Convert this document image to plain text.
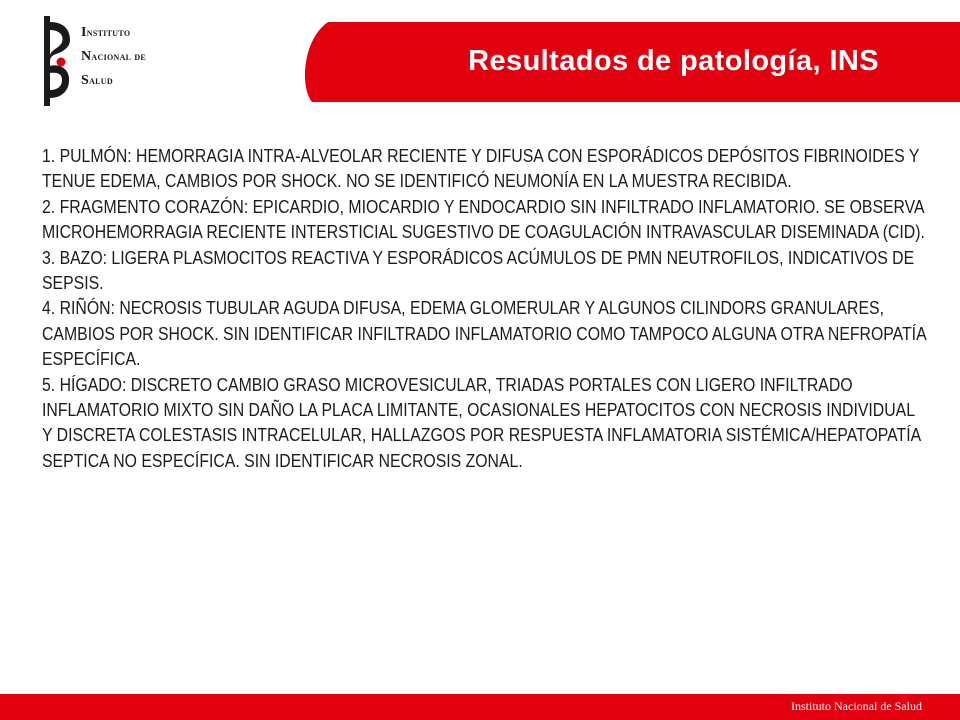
Instituto
Nacional de
Salud
Resultados de patología, INS

1. PULMÓN: HEMORRAGIA INTRA-ALVEOLAR RECIENTE Y DIFUSA CON ESPORÁDICOS DEPÓSITOS FIBRINOIDES Y TENUE EDEMA, CAMBIOS POR SHOCK. NO SE IDENTIFICÓ NEUMONÍA EN LA MUESTRA RECIBIDA.

2. FRAGMENTO CORAZÓN: EPICARDIO, MIOCARDIO Y ENDOCARDIO SIN INFILTRADO INFLAMATORIO. SE OBSERVA MICROHEMORRAGIA RECIENTE INTERSTICIAL SUGESTIVO DE COAGULACIÓN INTRAVASCULAR DISEMINADA (CID).

3. BAZO: LIGERA PLASMOCITOS REACTIVA Y ESPORÁDICOS ACÚMULOS DE PMN NEUTROFILOS, INDICATIVOS DE SEPSIS.

4. RIÑÓN: NECROSIS TUBULAR AGUDA DIFUSA, EDEMA GLOMERULAR Y ALGUNOS CILINDORS GRANULARES, CAMBIOS POR SHOCK. SIN IDENTIFICAR INFILTRADO INFLAMATORIO COMO TAMPOCO ALGUNA OTRA NEFROPATÍA ESPECÍFICA.

5. HÍGADO: DISCRETO CAMBIO GRASO MICROVESICULAR, TRIADAS PORTALES CON LIGERO INFILTRADO INFLAMATORIO MIXTO SIN DAÑO LA PLACA LIMITANTE, OCASIONALES HEPATOCITOS CON NECROSIS INDIVIDUAL Y DISCRETA COLESTASIS INTRACELULAR, HALLAZGOS POR RESPUESTA INFLAMATORIA SISTÉMICA/HEPATOPATÍA SEPTICA NO ESPECÍFICA. SIN IDENTIFICAR NECROSIS ZONAL.

Instituto Nacional de Salud
